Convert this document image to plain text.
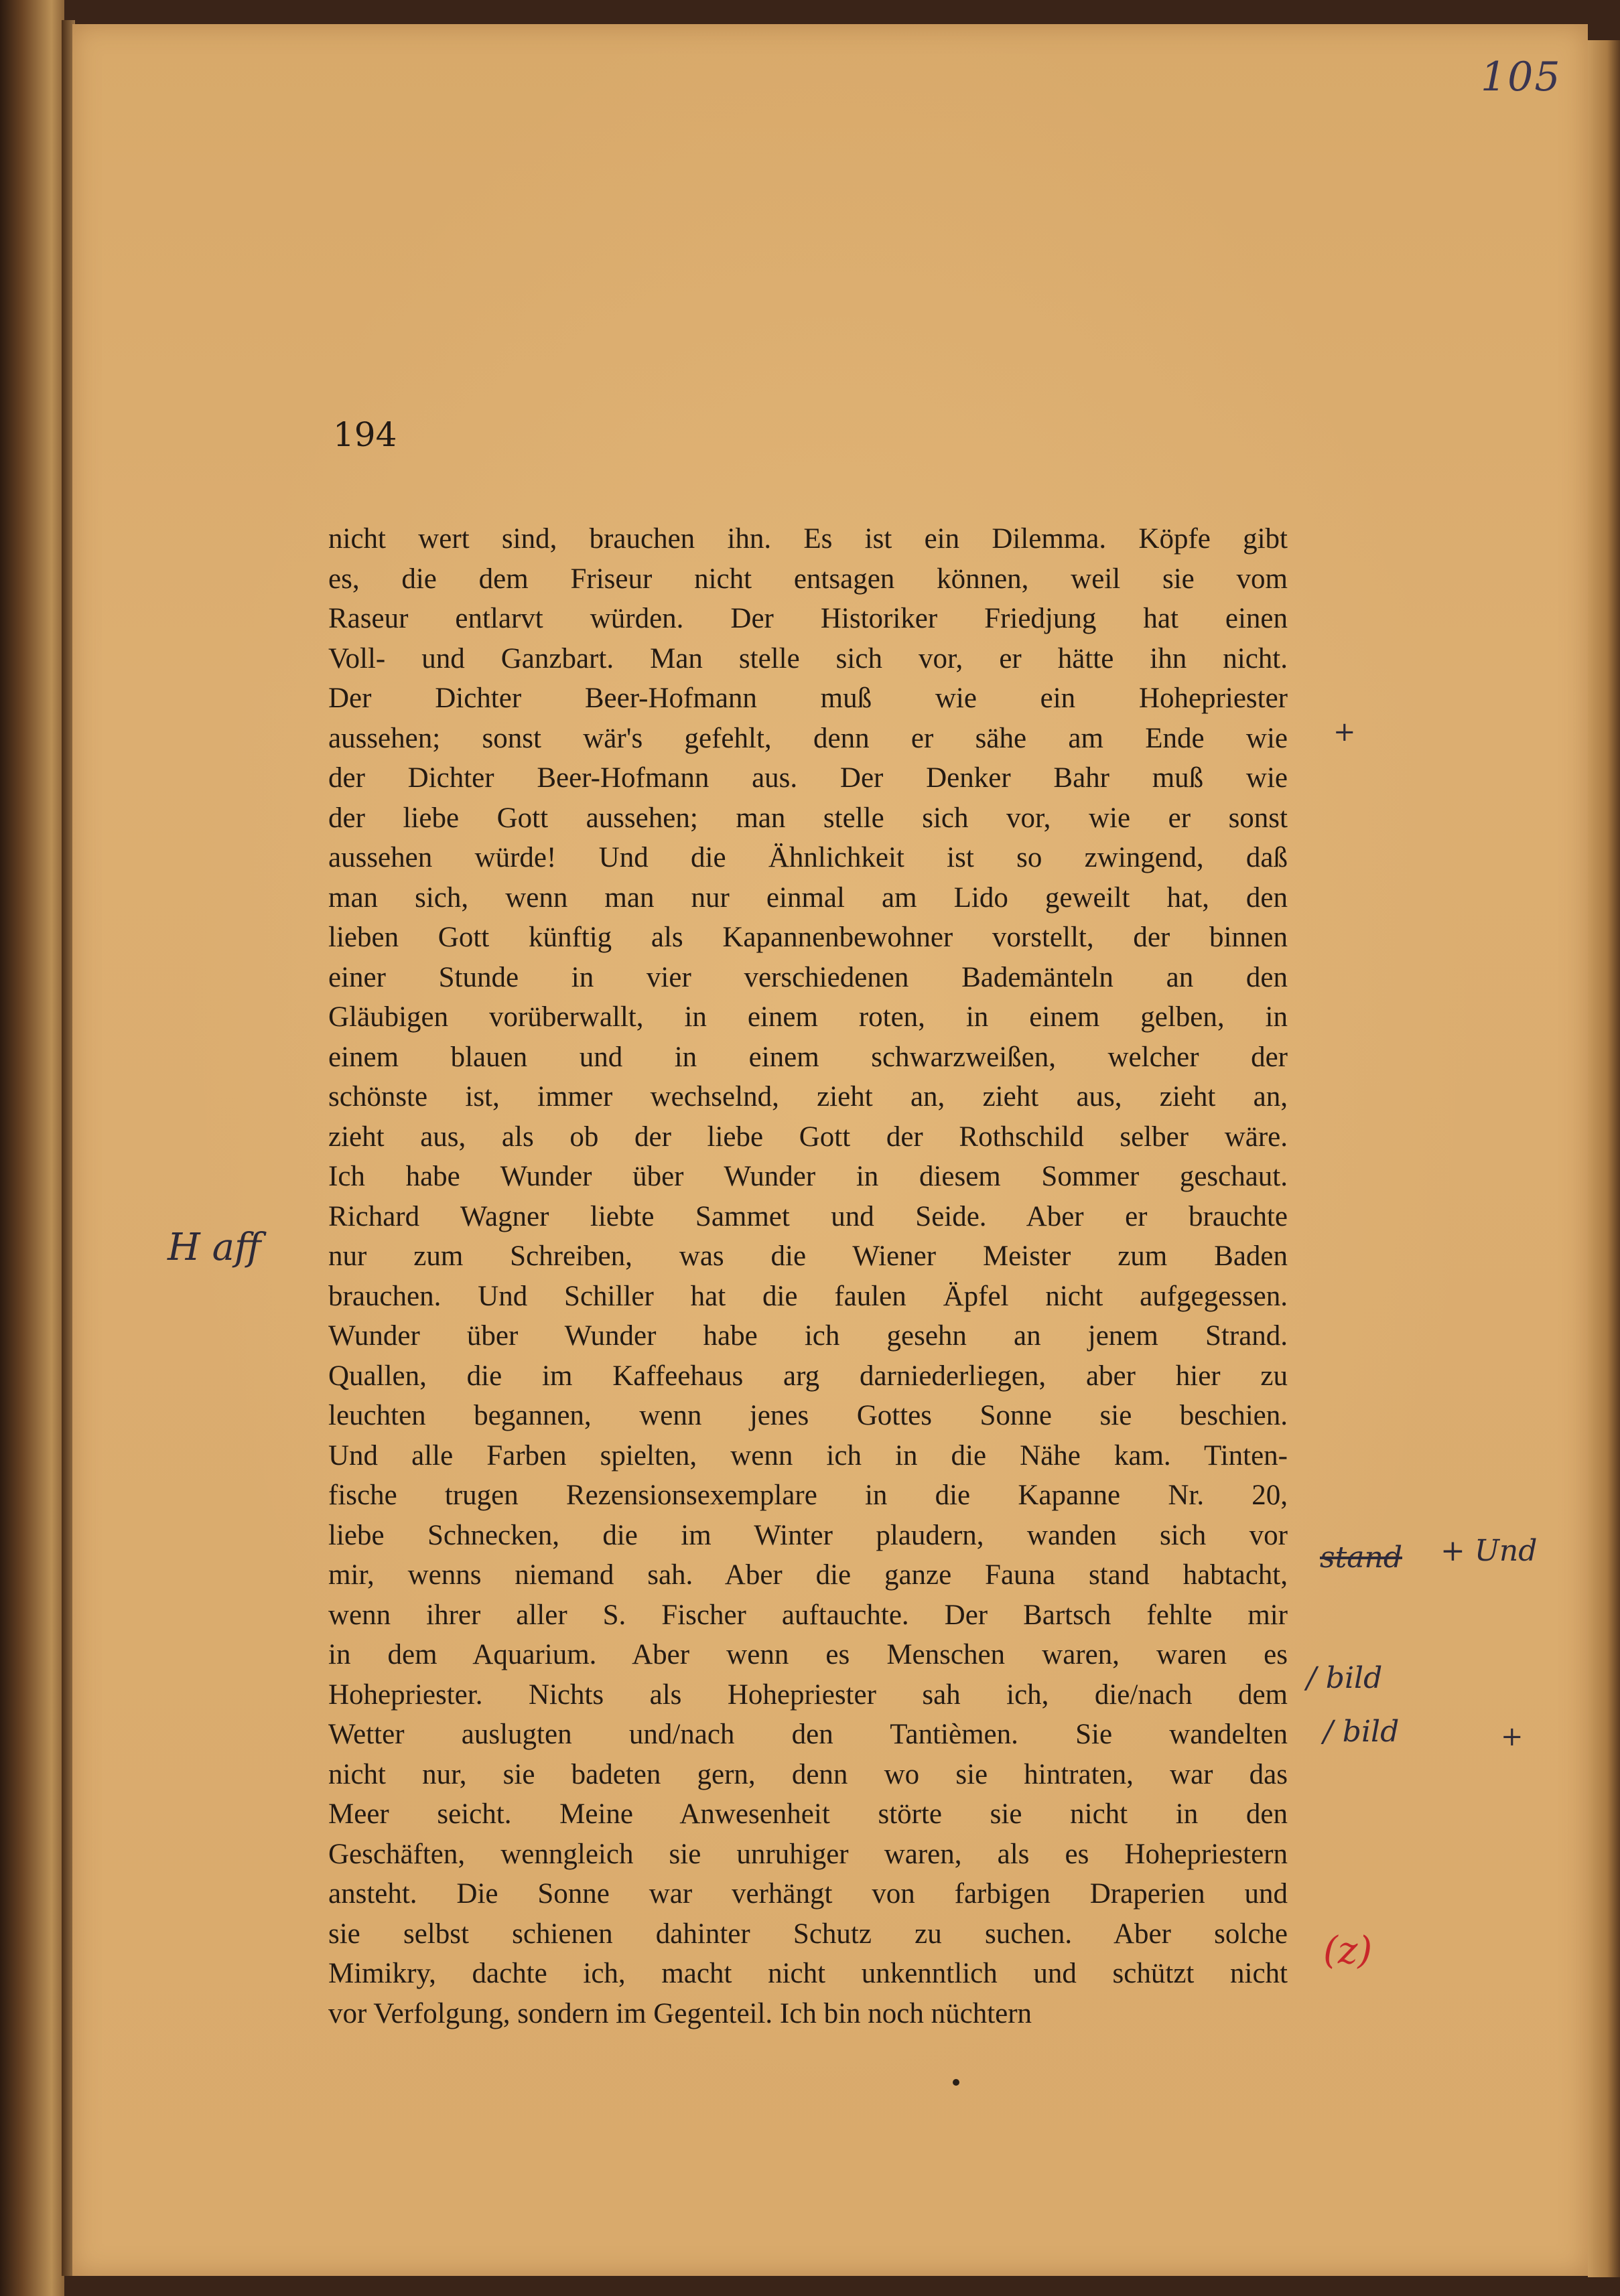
105

194

nicht wert sind, brauchen ihn. Es ist ein Dilemma. Köpfe gibt
es, die dem Friseur nicht entsagen können, weil sie vom
Raseur entlarvt würden. Der Historiker Friedjung hat einen
Voll- und Ganzbart. Man stelle sich vor, er hätte ihn nicht.
Der Dichter Beer-Hofmann muß wie ein Hohepriester
aussehen; sonst wär's gefehlt, denn er sähe am Ende wie
der Dichter Beer-Hofmann aus. Der Denker Bahr muß wie
der liebe Gott aussehen; man stelle sich vor, wie er sonst
aussehen würde! Und die Ähnlichkeit ist so zwingend, daß
man sich, wenn man nur einmal am Lido geweilt hat, den
lieben Gott künftig als Kapannenbewohner vorstellt, der binnen
einer Stunde in vier verschiedenen Bademänteln an den
Gläubigen vorüberwallt, in einem roten, in einem gelben, in
einem blauen und in einem schwarzweißen, welcher der
schönste ist, immer wechselnd, zieht an, zieht aus, zieht an,
zieht aus, als ob der liebe Gott der Rothschild selber wäre.
Ich habe Wunder über Wunder in diesem Sommer geschaut.
Richard Wagner liebte Sammet und Seide. Aber er brauchte
nur zum Schreiben, was die Wiener Meister zum Baden
brauchen. Und Schiller hat die faulen Äpfel nicht aufgegessen.
Wunder über Wunder habe ich gesehn an jenem Strand.
Quallen, die im Kaffeehaus arg darniederliegen, aber hier zu
leuchten begannen, wenn jenes Gottes Sonne sie beschien.
Und alle Farben spielten, wenn ich in die Nähe kam. Tinten-
fische trugen Rezensionsexemplare in die Kapanne Nr. 20,
liebe Schnecken, die im Winter plaudern, wanden sich vor
mir, wenns niemand sah. Aber die ganze Fauna stand habtacht,
wenn ihrer aller S. Fischer auftauchte. Der Bartsch fehlte mir
in dem Aquarium. Aber wenn es Menschen waren, waren es
Hohepriester. Nichts als Hohepriester sah ich, die/nach dem
Wetter auslugten und/nach den Tantièmen. Sie wandelten
nicht nur, sie badeten gern, denn wo sie hintraten, war das
Meer seicht. Meine Anwesenheit störte sie nicht in den
Geschäften, wenngleich sie unruhiger waren, als es Hohepriestern
ansteht. Die Sonne war verhängt von farbigen Draperien und
sie selbst schienen dahinter Schutz zu suchen. Aber solche
Mimikry, dachte ich, macht nicht unkenntlich und schützt nicht
vor Verfolgung, sondern im Gegenteil. Ich bin noch nüchtern

H aff

+

stand + Und

/ bild

/ bild	+

(z)
